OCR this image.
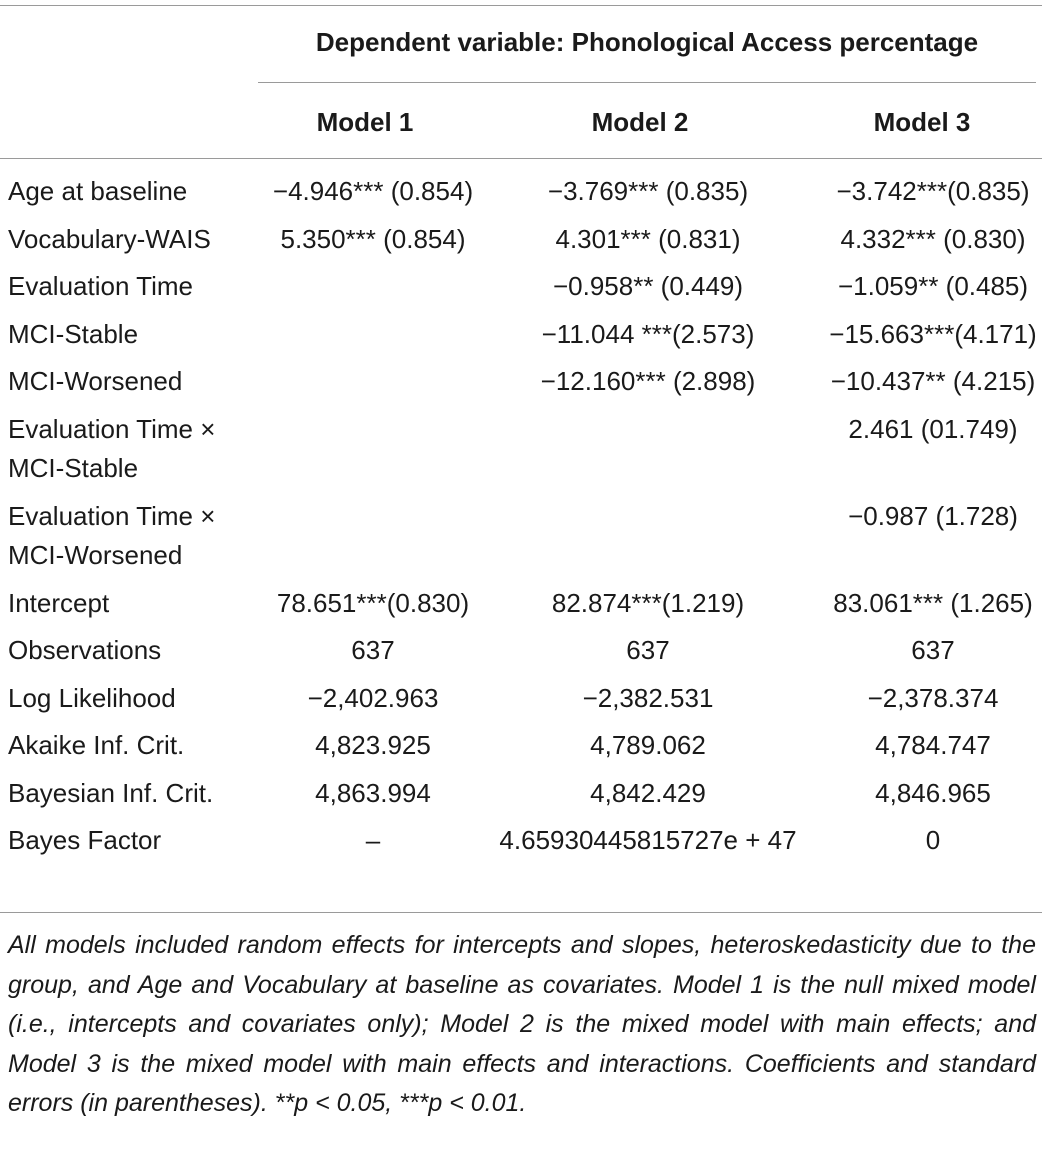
Dependent variable: Phonological Access percentage
Model 1	Model 2	Model 3
Age at baseline	−4.946*** (0.854)	−3.769*** (0.835)	−3.742***(0.835)
Vocabulary-WAIS	5.350*** (0.854)	4.301*** (0.831)	4.332*** (0.830)
Evaluation Time		−0.958** (0.449)	−1.059** (0.485)
MCI-Stable		−11.044 ***(2.573)	−15.663***(4.171)
MCI-Worsened		−12.160*** (2.898)	−10.437** (4.215)
Evaluation Time × MCI-Stable			2.461 (01.749)
Evaluation Time × MCI-Worsened			−0.987 (1.728)
Intercept	78.651***(0.830)	82.874***(1.219)	83.061*** (1.265)
Observations	637	637	637
Log Likelihood	−2,402.963	−2,382.531	−2,378.374
Akaike Inf. Crit.	4,823.925	4,789.062	4,784.747
Bayesian Inf. Crit.	4,863.994	4,842.429	4,846.965
Bayes Factor	–	4.65930445815727e + 47	0
All models included random effects for intercepts and slopes, heteroskedasticity due to the group, and Age and Vocabulary at baseline as covariates. Model 1 is the null mixed model (i.e., intercepts and covariates only); Model 2 is the mixed model with main effects; and Model 3 is the mixed model with main effects and interactions. Coefficients and standard errors (in parentheses). **p < 0.05, ***p < 0.01.
